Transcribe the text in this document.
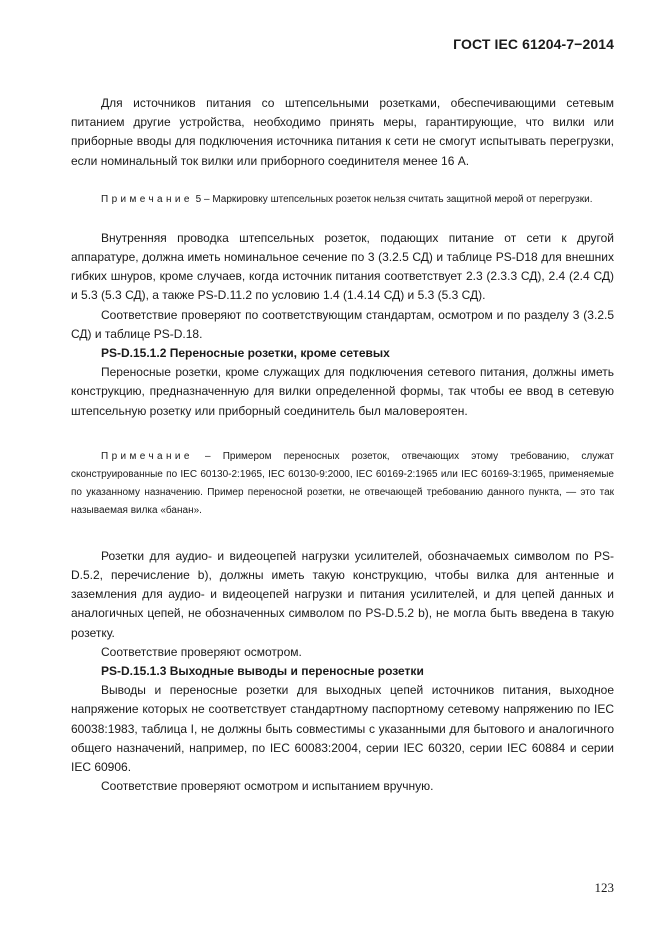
ГОСТ IEC 61204-7−2014

Для источников питания со штепсельными розетками, обеспечивающими сетевым питанием другие устройства, необходимо принять меры, гарантирующие, что вилки или приборные вводы для подключения источника питания к сети не смогут испытывать перегрузки, если номинальный ток вилки или приборного соединителя менее 16 А.

Примечание 5 – Маркировку штепсельных розеток нельзя считать защитной мерой от перегрузки.

Внутренняя проводка штепсельных розеток, подающих питание от сети к другой аппаратуре, должна иметь номинальное сечение по 3 (3.2.5 СД) и таблице PS-D18 для внешних гибких шнуров, кроме случаев, когда источник питания соответствует 2.3 (2.3.3 СД), 2.4 (2.4 СД) и 5.3 (5.3 СД), а также PS-D.11.2 по условию 1.4 (1.4.14 СД) и 5.3 (5.3 СД).

Соответствие проверяют по соответствующим стандартам, осмотром и по разделу 3 (3.2.5 СД) и таблице PS-D.18.

PS-D.15.1.2 Переносные розетки, кроме сетевых

Переносные розетки, кроме служащих для подключения сетевого питания, должны иметь конструкцию, предназначенную для вилки определенной формы, так чтобы ее ввод в сетевую штепсельную розетку или приборный соединитель был маловероятен.

Примечание – Примером переносных розеток, отвечающих этому требованию, служат сконструированные по IEC 60130-2:1965, IEC 60130-9:2000, IEC 60169-2:1965 или IEC 60169-3:1965, применяемые по указанному назначению. Пример переносной розетки, не отвечающей требованию данного пункта, — это так называемая вилка «банан».

Розетки для аудио- и видеоцепей нагрузки усилителей, обозначаемых символом по PS-D.5.2, перечисление b), должны иметь такую конструкцию, чтобы вилка для антенные и заземления для аудио- и видеоцепей нагрузки и питания усилителей, и для цепей данных и аналогичных цепей, не обозначенных символом по PS-D.5.2 b), не могла быть введена в такую розетку.

Соответствие проверяют осмотром.

PS-D.15.1.3 Выходные выводы и переносные розетки

Выводы и переносные розетки для выходных цепей источников питания, выходное напряжение которых не соответствует стандартному паспортному сетевому напряжению по IEC 60038:1983, таблица I, не должны быть совместимы с указанными для бытового и аналогичного общего назначений, например, по IEC 60083:2004, серии IEC 60320, серии IEC 60884 и серии IEC 60906.

Соответствие проверяют осмотром и испытанием вручную.

123
